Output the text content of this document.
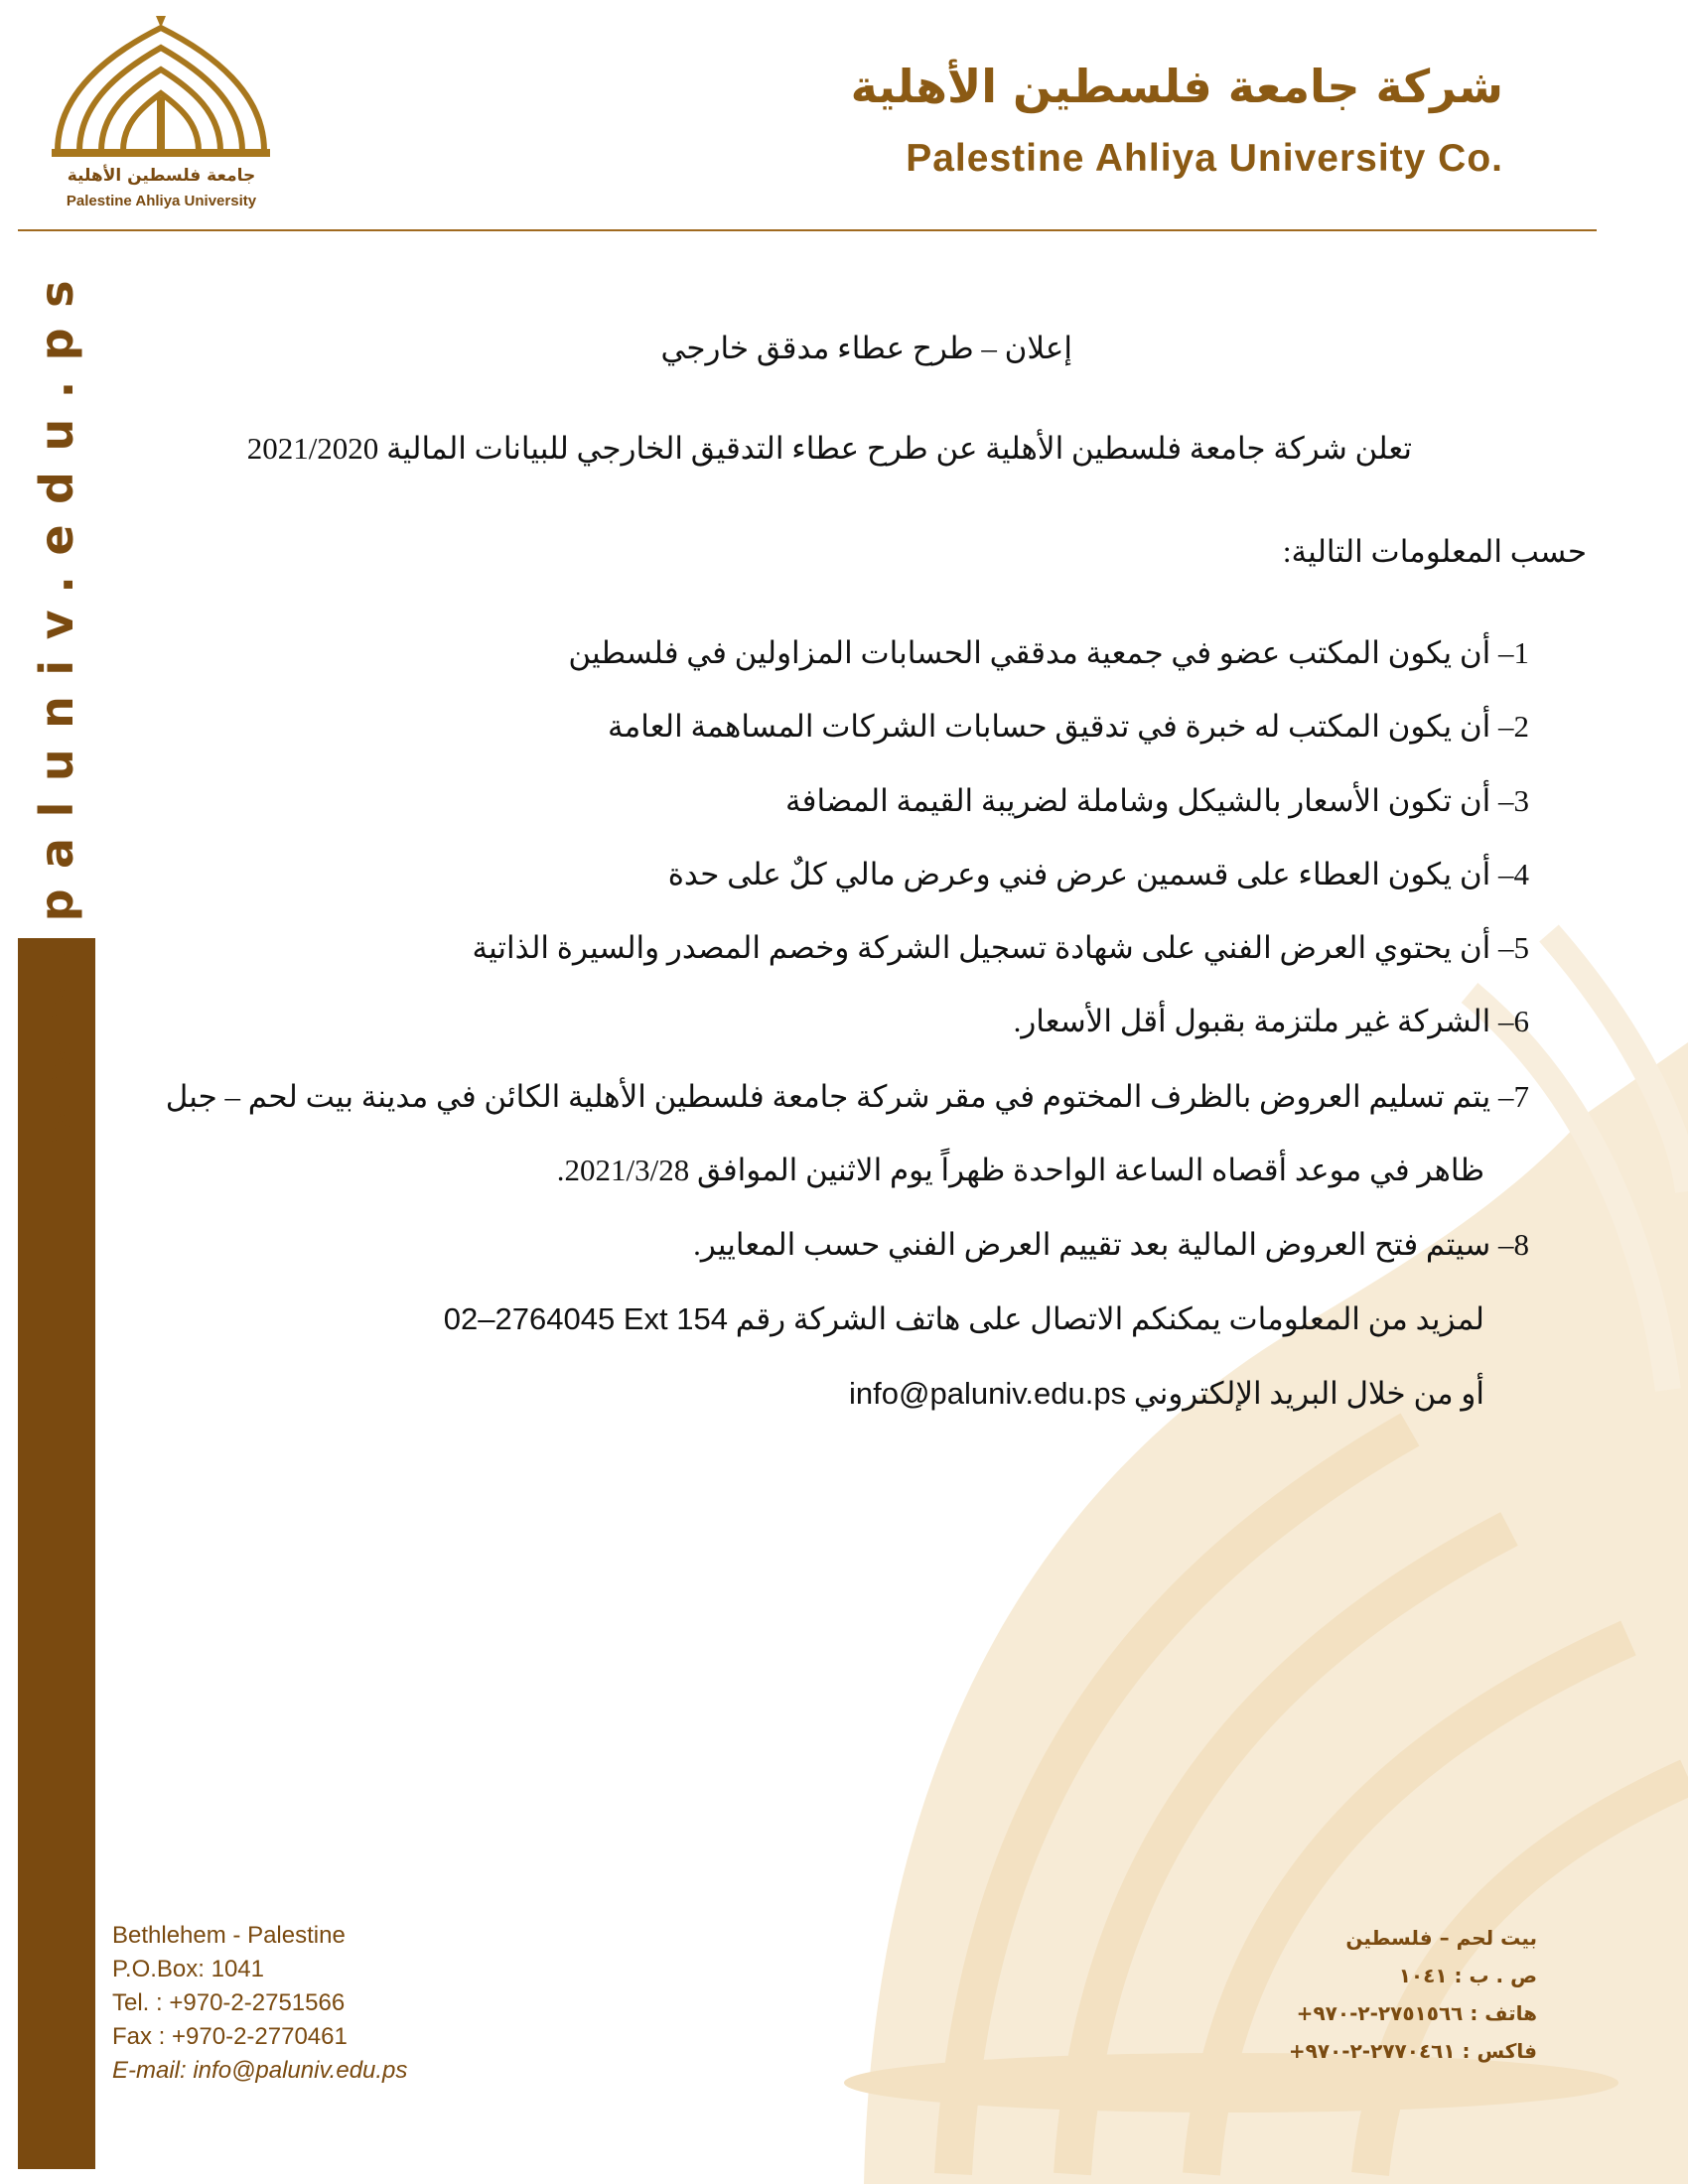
www.paluniv.edu.ps
جامعة فلسطين الأهلية
Palestine Ahliya University
شركة جامعة فلسطين الأهلية
Palestine Ahliya University Co.
إعلان – طرح عطاء مدقق خارجي
تعلن شركة جامعة فلسطين الأهلية عن طرح عطاء التدقيق الخارجي للبيانات المالية 2021/2020
حسب المعلومات التالية:
1– أن يكون المكتب عضو في جمعية مدققي الحسابات المزاولين في فلسطين
2– أن يكون المكتب له خبرة في تدقيق حسابات الشركات المساهمة العامة
3– أن تكون الأسعار بالشيكل وشاملة لضريبة القيمة المضافة
4– أن يكون العطاء على قسمين عرض فني وعرض مالي كلٌ على حدة
5– أن يحتوي العرض الفني على شهادة تسجيل الشركة وخصم المصدر والسيرة الذاتية
6– الشركة غير ملتزمة بقبول أقل الأسعار.
7– يتم تسليم العروض بالظرف المختوم في مقر شركة جامعة فلسطين الأهلية الكائن في مدينة بيت لحم – جبل
ظاهر في موعد أقصاه الساعة الواحدة ظهراً يوم الاثنين الموافق 2021/3/28.
8– سيتم فتح العروض المالية بعد تقييم العرض الفني حسب المعايير.
لمزيد من المعلومات يمكنكم الاتصال على هاتف الشركة رقم 02–2764045 Ext 154
أو من خلال البريد الإلكتروني info@paluniv.edu.ps
Bethlehem - Palestine
P.O.Box: 1041
Tel. : +970-2-2751566
Fax : +970-2-2770461
E-mail: info@paluniv.edu.ps
بيت لحم – فلسطين
ص . ب : ١٠٤١
هاتف : ٢٧٥١٥٦٦-٢-٩٧٠+
فاكس : ٢٧٧٠٤٦١-٢-٩٧٠+
